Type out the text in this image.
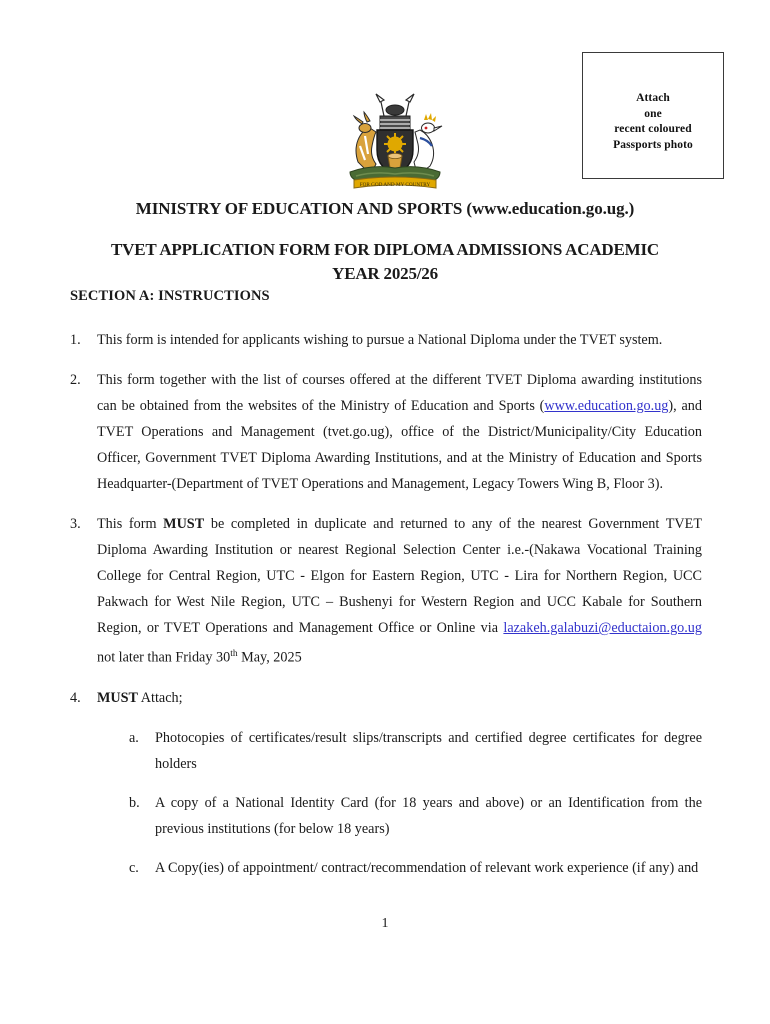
Attach
one
recent coloured
Passports photo
FOR GOD AND MY COUNTRY
MINISTRY OF EDUCATION AND SPORTS (www.education.go.ug.)
TVET APPLICATION FORM FOR DIPLOMA ADMISSIONS ACADEMIC
YEAR 2025/26
SECTION A: INSTRUCTIONS
1.	This form is intended for applicants wishing to pursue a National Diploma under the TVET system.
2.	This form together with the list of courses offered at the different TVET Diploma awarding institutions can be obtained from the websites of the Ministry of Education and Sports (www.education.go.ug), and TVET Operations and Management (tvet.go.ug), office of the District/Municipality/City Education Officer, Government TVET Diploma Awarding Institutions, and at the Ministry of Education and Sports Headquarter-(Department of TVET Operations and Management, Legacy Towers Wing B, Floor 3).
3.	This form MUST be completed in duplicate and returned to any of the nearest Government TVET Diploma Awarding Institution or nearest Regional Selection Center i.e.-(Nakawa Vocational Training College for Central Region, UTC - Elgon for Eastern Region, UTC - Lira for Northern Region, UCC Pakwach for West Nile Region, UTC – Bushenyi for Western Region and UCC Kabale for Southern Region, or TVET Operations and Management Office or Online via lazakeh.galabuzi@eductaion.go.ug not later than Friday 30th May, 2025
4.	MUST Attach;
a. Photocopies of certificates/result slips/transcripts and certified degree certificates for degree holders
b. A copy of a National Identity Card (for 18 years and above) or an Identification from the previous institutions (for below 18 years)
c. A Copy(ies) of appointment/ contract/recommendation of relevant work experience (if any) and
1
